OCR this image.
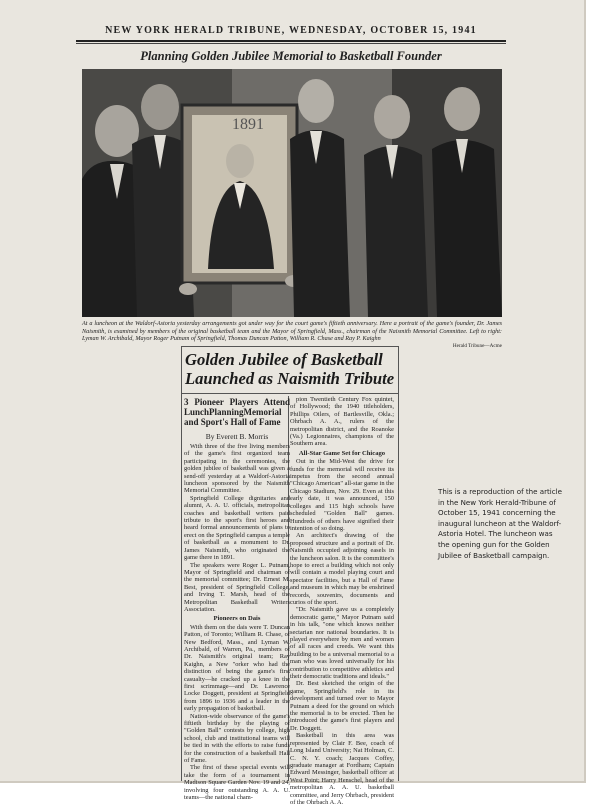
NEW YORK HERALD TRIBUNE, WEDNESDAY, OCTOBER 15, 1941
Planning Golden Jubilee Memorial to Basketball Founder
1891
At a luncheon at the Waldorf-Astoria yesterday arrangements got under way for the court game's fiftieth anniversary. Here a portrait of the game's founder, Dr. James Naismith, is examined by members of the original basketball team and the Mayor of Springfield, Mass., chairman of the Naismith Memorial Committee. Left to right: Lyman W. Archibald, Mayor Roger Putnam of Springfield, Thomas Duncan Patton, William R. Chase and Ray P. Kaighn
Herald Tribune—Acme
Golden Jubilee of Basketball Launched as Naismith Tribute
3 Pioneer Players Attend LunchPlanningMemorial and Sport's Hall of Fame
By Everett B. Morris

With three of the five living members of the game's first organized team participating in the ceremonies, the golden jubilee of basketball was given a send-off yesterday at a Waldorf-Astoria luncheon sponsored by the Naismith Memorial Committee.

Springfield College dignitaries and alumni, A. A. U. officials, metropolitan coaches and basketball writers paid tribute to the sport's first heroes and heard formal announcements of plans to erect on the Springfield campus a temple of basketball as a monument to Dr. James Naismith, who originated the game there in 1891.

The speakers were Roger L. Putnam, Mayor of Springfield and chairman of the memorial committee; Dr. Ernest M. Best, president of Springfield College, and Irving T. Marsh, head of the Metropolitan Basketball Writers Association.

Pioneers on Dais

With them on the dais were T. Duncan Patton, of Toronto; William R. Chase, of New Bedford, Mass., and Lyman W. Archibald, of Warren, Pa., members of Dr. Naismith's original team; Ray Kaighn, a New "orker who had the distinction of being the game's first casualty—he cracked up a knee in the first scrimmage—and Dr. Lawrence Locke Doggett, president at Springfield from 1896 to 1936 and a leader in the early propagation of basketball.

Nation-wide observance of the game's fiftieth birthday by the playing of "Golden Ball" contests by college, high school, club and institutional teams will be tied in with the efforts to raise funds for the construction of a basketball Hall of Fame.

The first of these special events will take the form of a tournament in Madison Square Garden Nov. 19 and 24, involving four outstanding A. A. U. teams—the national cham-

pion Twentieth Century Fox quintet, of Hollywood; the 1940 titleholders, Phillips Oilers, of Bartlesville, Okla.; Ohrbach A. A., rulers of the metropolitan district, and the Roanoke (Va.) Legionnaires, champions of the Southern area.

All-Star Game Set for Chicago

Out in the Mid-West the drive for funds for the memorial will receive its impetus from the second annual "Chicago American" all-star game in the Chicago Stadium, Nov. 29. Even at this early date, it was announced, 150 colleges and 115 high schools have scheduled "Golden Ball" games. Hundreds of others have signified their intention of so doing.

An architect's drawing of the proposed structure and a portrait of Dr. Naismith occupied adjoining easels in the luncheon salon. It is the committee's hope to erect a building which not only will contain a model playing court and spectator facilities, but a Hall of Fame and museum in which may be enshrined records, souvenirs, documents and curios of the sport.

"Dr. Naismith gave us a completely democratic game," Mayor Putnam said in his talk, "one which knows neither sectarian nor national boundaries. It is played everywhere by men and women of all races and creeds. We want this building to be a universal memorial to a man who was loved universally for his contribution to competitive athletics and their democratic traditions and ideals."

Dr. Best sketched the origin of the game, Springfield's role in its development and turned over to Mayor Putnam a deed for the ground on which the memorial is to be erected. Then he introduced the game's first players and Dr. Doggett.

Basketball in this area was represented by Clair F. Bee, coach of Long Island University; Nat Holman, C. C. N. Y. coach; Jacques Coffey, graduate manager at Fordham; Captain Edward Messinger, basketball officer at West Point; Harry Henschel, head of the metropolitan A. A. U. basketball committee, and Jerry Ohrbach, president of the Ohrbach A. A.

This is a reproduction of the article in the New York Herald-Tribune of October 15, 1941 concerning the inaugural luncheon at the Waldorf-Astoria Hotel. The luncheon was the opening gun for the Golden Jubilee of Basketball campaign.
